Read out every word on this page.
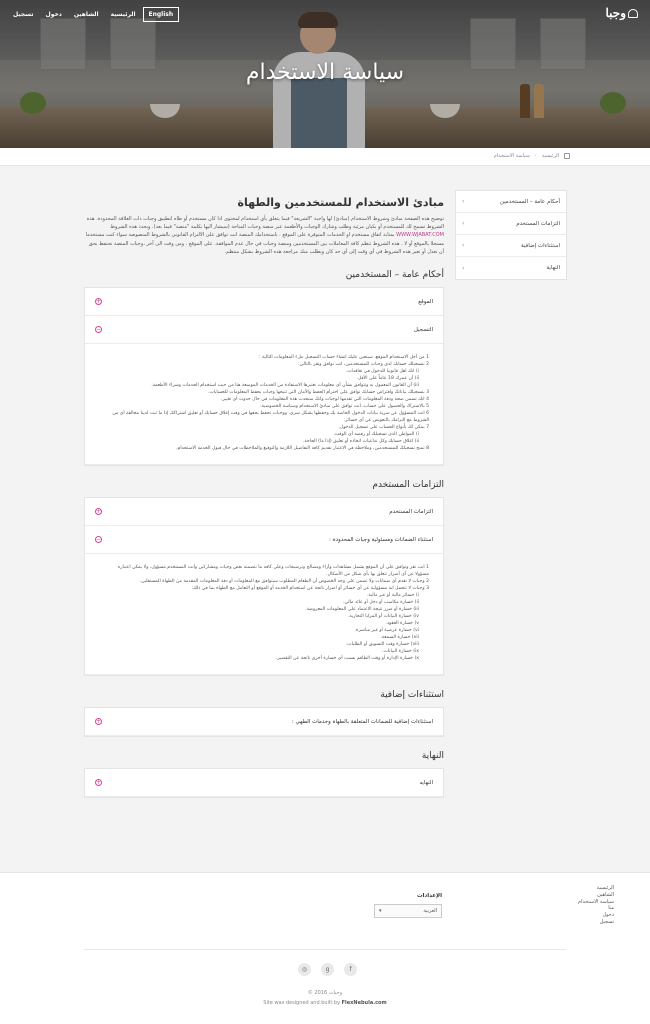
تسجيل	دخول	الشاهين	الرئيسية	English	وجبا
سياسة الاستخدام
الرئيسية
›
سياسة الاستخدام
أحكام عامة – المستخدمين
‹
التزامات المستخدم
‹
استثناءات إضافية
‹
النهاية
‹
مبادئ الاستخدام للمستخدمين والطهاة

توضيح هذه الصفحة مبادئ وشروط الاستخدام (مبادئ) لها واجبة "الشريعة" فيما يتعلق بأي استخدام لمحتوى اذا كان مستخدم أو طاه لتطبيق وجبات ذات العلاقة المحدودة. هذه الشروط تسمح لك للمستخدم أو بكيان مرئية وطلب وشارك الوجبات والأطعمة عبر منصة وجبات المتاحة (سيشار اليها بكلمة "منصة" فيما بعد). ويحدد هذه الشروط WWW.WJABAT.COM بمثابة اتفاق مستخدم او الحدمات المتوفرة على الموقع . باستخدامك المنصة انت توافق على الالتزام القانوني بالشروط المنصوصة سواء كنت مستخدما مسجلا بالموقع أو لا . هذه الشروط تنظم كافة المعاملات بين المستخدمين ومنصة وجبات في حال عدم الموافقة. على الموقع . ومن وقت الى آخر ،وجبات المنصة تحتفظ بحق أن تعدل أو تغير هذه الشروط في أي وقت إلى أي حد كان ويطلب منك مراجعة هذه الشروط بشكل منتظم.

أحكام عامة – المستخدمين
الموقع
+
التسجيل
−
1 من أجل الاستخدام الموقع، سيتعين عليك انشاء حساب التسجيل ملء المعلومات التالية :
2 بتسجيلك حسابك لدى وجبات للمستخدمين، انت توافق وتقر بالتالي:
i) انك اهل قانونيا للدخول في تعاقدات.
ii) أن عمرك 18 عاماً على الأقل.
iii) أن القانون المعمول به وتتوافق بشأن أي معلومات نعتبرها الاستفادة من الخدمات الموسعة هنا من حيث استخدام الخدمات وشراء الأطعمة.
3 بتسجيلك بياناتك وافتراض حسابك توافق على احترام الحفظ والأمان التي تتيحها وجبات بحفظ المعلومات للحسابات.
4 انك تضمن صحة ودقة المعلومات التي تقدمها لوجبات وانك ستحدث هذه المعلومات في حال حدوث أي تغيير.
5 بالاشتراك والحصول على حساب، انت توافق على مبادئ الاستخدام وسياسة الخصوصية.
6 انت المسؤول عن سرية بيانات الدخول الخاصة بك وحفظها بشكل سري، ووجبات تحفظ بحقها في وقت إغلاق حسابك أو تعليق اشتراكك إذا ما ثبت لدينا مخالفة أي من الشروط مع التزامك بالتعويض عن أي خسائر.
7 يمكن لك بأنواع الحساب على تسجيل الدخول.
i) المواطن الذي تسجيلك أو رفضه أي الوقت.
ii) اغلاق حسابك وكل تداعيات اتخاذه أو تعليق (إذا ما) الحاجة.
8 تمنح تسجيلك للمستخدمين، وملاحظة في الاعتبار تقديم كافة التفاصيل اللازمة والتوقيع والملاحظات في حال قبول الخدمة الاستخدام.
التزامات المستخدم
التزامات المستخدم
+
استثناء الضمانات ومسئولية وجبات المحدودة :
−
1 انت تقر وتوافق على أن الموقع يشمل مشاهدات وآراء ومصالح وترشيحات وعلى كافة ما تتضمنه بعض وجبات ومشاركين وأنت المستخدم مسؤول، ولا يمكن اعتباره مسؤولا عن أي أضرار تتعلق بها بأي شكل من الأشكال.
2 وجبات لا تقدم أي ضمانات ولا تضمن على وجه الخصوص أن الطعام المطلوب سيتوافق مع المعلومات أو دقة المعلومات المقدمة من الطهاة المستقلين.
3 وجبات لا تتحمل اية مسؤولية عن أي خسائر أو اضرار ناتجة عن استخدام الخدمة أو الموقع أو التعامل مع الطهاة بما في ذلك:
i) خسائر مالية أو غير مالية.
ii) خسارة مكاسب أو دخل أو عائد مالي.
iii) خسارة أو ضرر نتيجة الاعتماد على المعلومات المعروضة.
iv) خسارة البيانات أو المزايا التجارية.
v) خسارة العقود.
vi) خسارة عرضية أو غير مباشرة.
vii) خسارة السمعة.
viii) خسارة وقت التسويق أو الطلبات.
ix) خسارة البيانات.
x) خسارة الإدارة أو وقت الطاقم بسبب أي خسارة أخرى ناتجة عن التقصير.
استثناءات إضافية
استثناءات إضافية للضمانات المتعلقة بالطهاة وخدمات الطهي :
+
النهاية
النهايه
+
الرئيسية
الشاهين
سياسة الاستخدام
منا
دخول
تسجيل
الإعدادات
العربية
▾
◎	g	f
© وجبات 2016
Site was designed and built by FlexNebula.com
